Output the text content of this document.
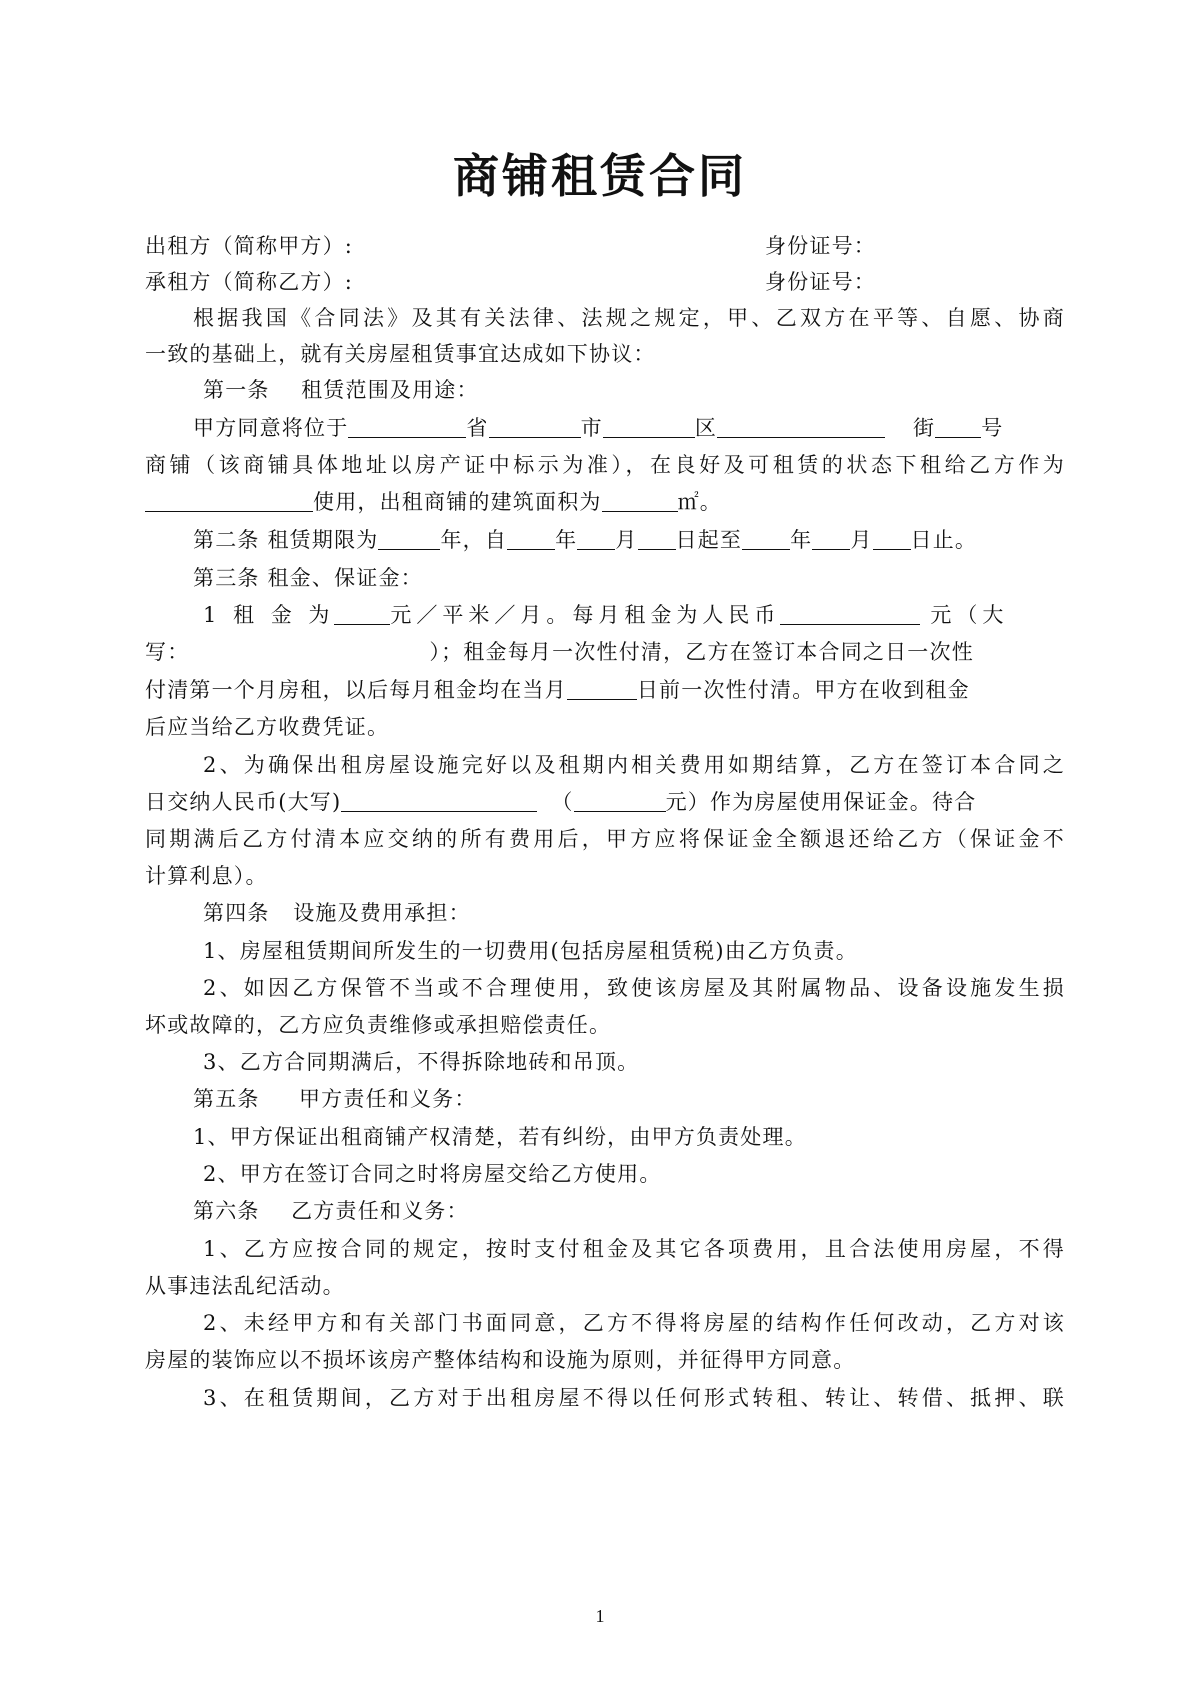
商铺租赁合同
出租方（简称甲方）:	身份证号：
承租方（简称乙方）:	身份证号：
根据我国《合同法》及其有关法律、法规之规定，甲、乙双方在平等、自愿、协商
一致的基础上，就有关房屋租赁事宜达成如下协议：
第一条    租赁范围及用途：
甲方同意将位于	省	市	区	街 号
商铺（该商铺具体地址以房产证中标示为准），在良好及可租赁的状态下租给乙方作为
使用，出租商铺的建筑面积为	㎡。
第二条 租赁期限为	年，自 年 月 日起至 年 月 日止。
第三条 租金、保证金：
1 租 金 为	元／平米／月。每月租金为人民币	元（大
写：	）；租金每月一次性付清，乙方在签订本合同之日一次性
付清第一个月房租，以后每月租金均在当月	日前一次性付清。甲方在收到租金
后应当给乙方收费凭证。
2、为确保出租房屋设施完好以及租期内相关费用如期结算，乙方在签订本合同之
日交纳人民币(大写)	（	元）作为房屋使用保证金。待合
同期满后乙方付清本应交纳的所有费用后，甲方应将保证金全额退还给乙方（保证金不
计算利息）。
第四条   设施及费用承担：
1、房屋租赁期间所发生的一切费用(包括房屋租赁税)由乙方负责。
2、如因乙方保管不当或不合理使用，致使该房屋及其附属物品、设备设施发生损
坏或故障的，乙方应负责维修或承担赔偿责任。
3、乙方合同期满后，不得拆除地砖和吊顶。
第五条     甲方责任和义务：
1、甲方保证出租商铺产权清楚，若有纠纷，由甲方负责处理。
2、甲方在签订合同之时将房屋交给乙方使用。
第六条    乙方责任和义务：
1、乙方应按合同的规定，按时支付租金及其它各项费用，且合法使用房屋，不得
从事违法乱纪活动。
2、未经甲方和有关部门书面同意，乙方不得将房屋的结构作任何改动，乙方对该
房屋的装饰应以不损坏该房产整体结构和设施为原则，并征得甲方同意。
3、在租赁期间，乙方对于出租房屋不得以任何形式转租、转让、转借、抵押、联
1
